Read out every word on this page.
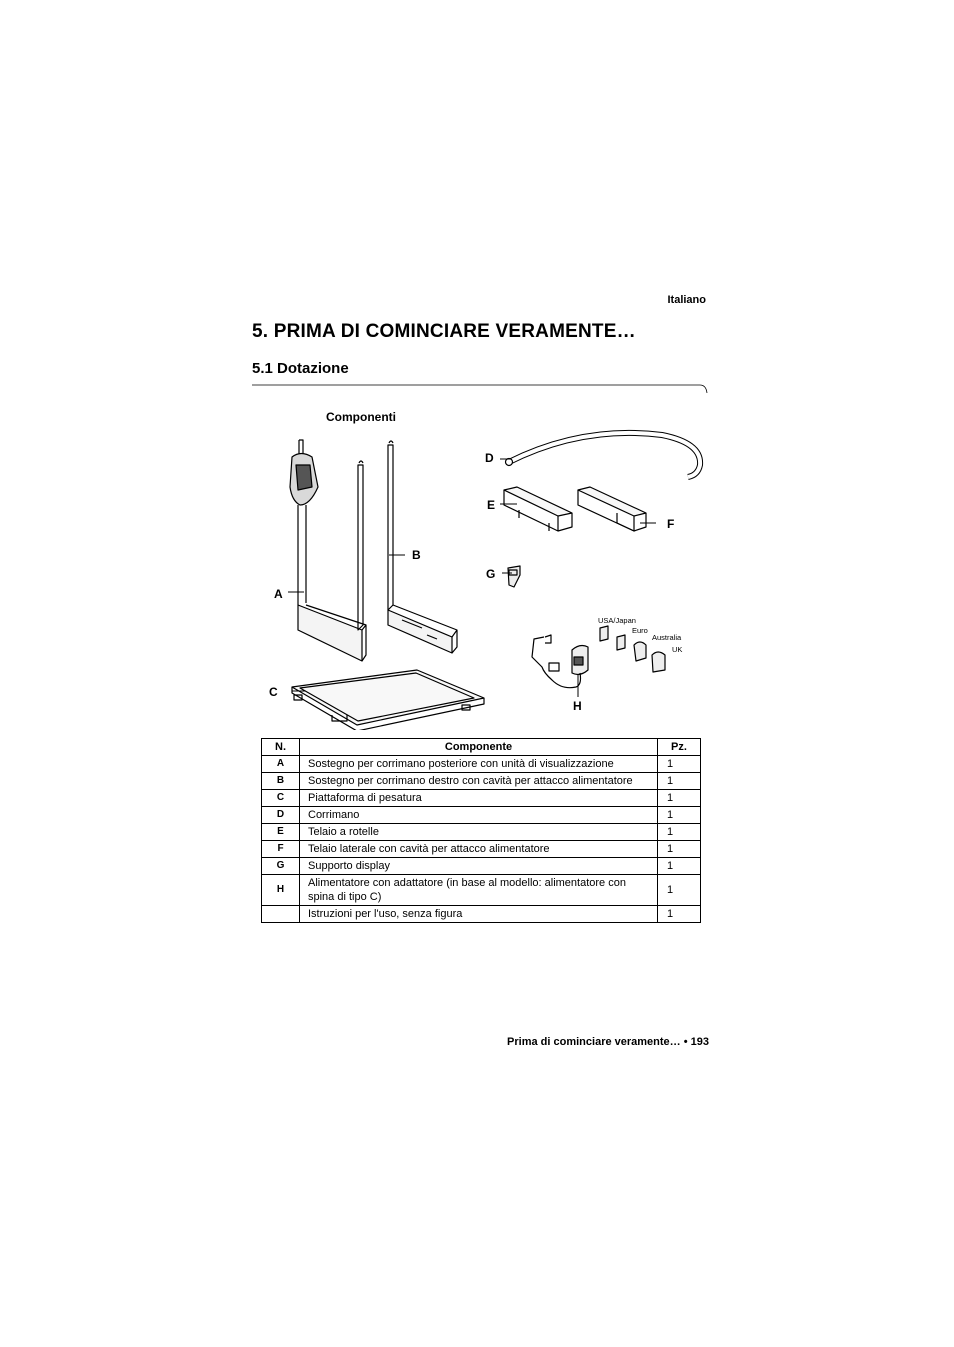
Italiano
5. PRIMA DI COMINCIARE VERAMENTE…
5.1 Dotazione
Componenti
A
B
C
D
E
F
G
H
USA/Japan
Euro
Australia
UK
N.	Componente	Pz.
A	Sostegno per corrimano posteriore con unità di visualizzazione	1
B	Sostegno per corrimano destro con cavità per attacco alimentatore	1
C	Piattaforma di pesatura	1
D	Corrimano	1
E	Telaio a rotelle	1
F	Telaio laterale con cavità per attacco alimentatore	1
G	Supporto display	1
H	Alimentatore con adattatore (in base al modello: alimentatore con spina di tipo C)	1
	Istruzioni per l'uso, senza figura	1
Prima di cominciare veramente… • 193
